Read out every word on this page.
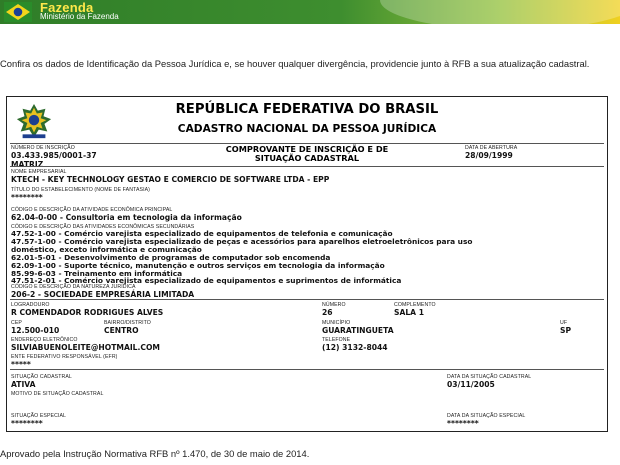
Fazenda
Ministério da Fazenda
Confira os dados de Identificação da Pessoa Jurídica e, se houver qualquer divergência, providencie junto à RFB a sua atualização cadastral.
REPÚBLICA FEDERATIVA DO BRASIL
CADASTRO NACIONAL DA PESSOA JURÍDICA
NÚMERO DE INSCRIÇÃO
03.433.985/0001-37
MATRIZ
COMPROVANTE DE INSCRIÇÃO E DE
SITUAÇÃO CADASTRAL
DATA DE ABERTURA
28/09/1999
NOME EMPRESARIAL
KTECH - KEY TECHNOLOGY GESTAO E COMERCIO DE SOFTWARE LTDA - EPP
TÍTULO DO ESTABELECIMENTO (NOME DE FANTASIA)
********
CÓDIGO E DESCRIÇÃO DA ATIVIDADE ECONÔMICA PRINCIPAL
62.04-0-00 - Consultoria em tecnologia da informação
CÓDIGO E DESCRIÇÃO DAS ATIVIDADES ECONÔMICAS SECUNDÁRIAS
47.52-1-00 - Comércio varejista especializado de equipamentos de telefonia e comunicação
47.57-1-00 - Comércio varejista especializado de peças e acessórios para aparelhos eletroeletrônicos para uso
doméstico, exceto informática e comunicação
62.01-5-01 - Desenvolvimento de programas de computador sob encomenda
62.09-1-00 - Suporte técnico, manutenção e outros serviços em tecnologia da informação
85.99-6-03 - Treinamento em informática
47.51-2-01 - Comércio varejista especializado de equipamentos e suprimentos de informática
CÓDIGO E DESCRIÇÃO DA NATUREZA JURÍDICA
206-2 - SOCIEDADE EMPRESÁRIA LIMITADA
LOGRADOURO
R COMENDADOR RODRIGUES ALVES
NÚMERO
26
COMPLEMENTO
SALA 1
CEP
12.500-010
BAIRRO/DISTRITO
CENTRO
MUNICÍPIO
GUARATINGUETA
UF
SP
ENDEREÇO ELETRÔNICO
SILVIABUENOLEITE@HOTMAIL.COM
TELEFONE
(12) 3132-8044
ENTE FEDERATIVO RESPONSÁVEL (EFR)
*****
SITUAÇÃO CADASTRAL
ATIVA
DATA DA SITUAÇÃO CADASTRAL
03/11/2005
MOTIVO DE SITUAÇÃO CADASTRAL
SITUAÇÃO ESPECIAL
********
DATA DA SITUAÇÃO ESPECIAL
********
Aprovado pela Instrução Normativa RFB nº 1.470, de 30 de maio de 2014.
